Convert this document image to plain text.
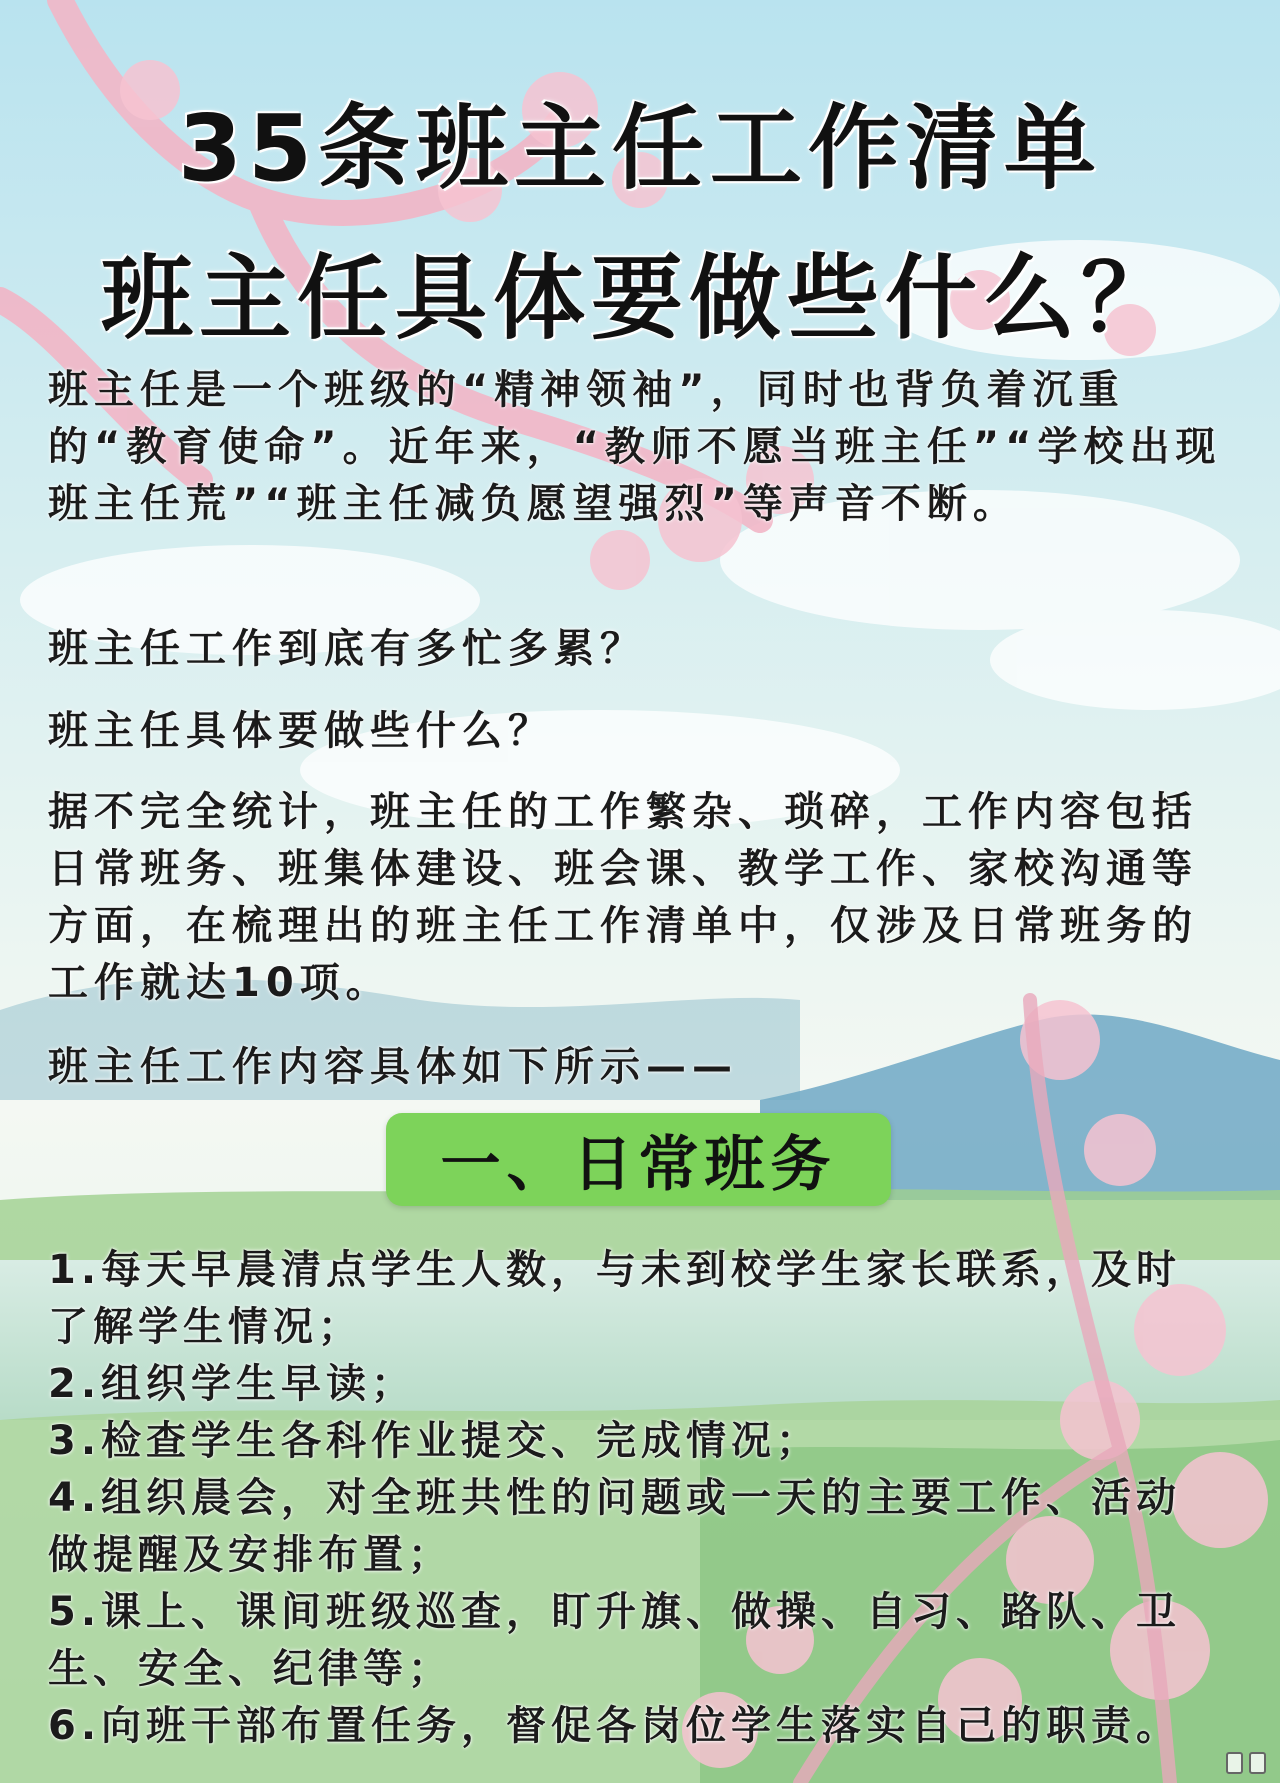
35条班主任工作清单
班主任具体要做些什么？

班主任是一个班级的“精神领袖”，同时也背负着沉重的“教育使命”。近年来，“教师不愿当班主任”“学校出现班主任荒”“班主任减负愿望强烈”等声音不断。

班主任工作到底有多忙多累？

班主任具体要做些什么？

据不完全统计，班主任的工作繁杂、琐碎，工作内容包括日常班务、班集体建设、班会课、教学工作、家校沟通等方面，在梳理出的班主任工作清单中，仅涉及日常班务的工作就达10项。

班主任工作内容具体如下所示——

一、日常班务
1.每天早晨清点学生人数，与未到校学生家长联系，及时了解学生情况；
2.组织学生早读；
3.检查学生各科作业提交、完成情况；
4.组织晨会，对全班共性的问题或一天的主要工作、活动做提醒及安排布置；
5.课上、课间班级巡查，盯升旗、做操、自习、路队、卫生、安全、纪律等；
6.向班干部布置任务，督促各岗位学生落实自己的职责。
